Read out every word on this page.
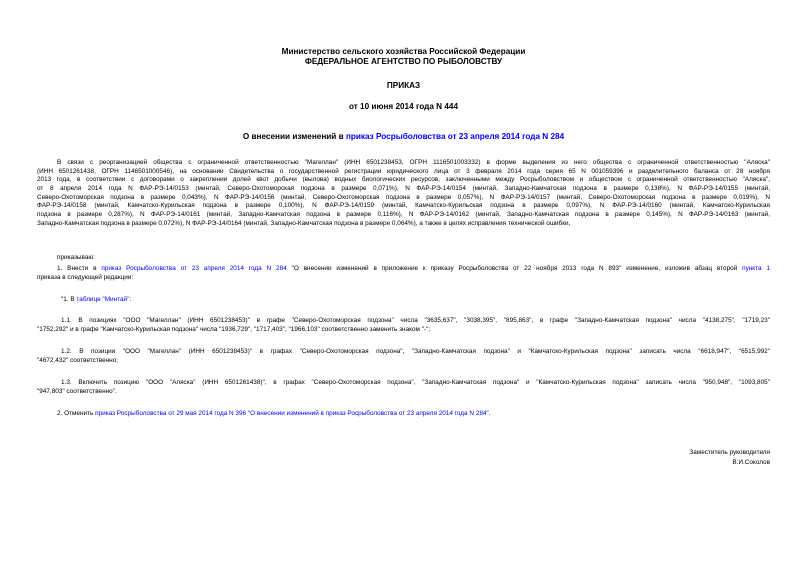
Министерство сельского хозяйства Российской Федерации
ФЕДЕРАЛЬНОЕ АГЕНТСТВО ПО РЫБОЛОВСТВУ
ПРИКАЗ
от 10 июня 2014 года N 444
О внесении изменений в приказ Росрыболовства от 23 апреля 2014 года N 284
В связи с реорганизацией общества с ограниченной ответственностью "Магеллан" (ИНН 6501238453, ОГРН 1116501003332) в форме выделения из него общества с ограниченной ответственностью "Аляска"
(ИНН 6501261438, ОГРН 1146501000546), на основании Свидетельства о государственной регистрации юридического лица от 3 февраля 2014 года серия 65 N 001059396 и разделительного баланса от 28 ноября
2013 года, в соответствии с договорами о закреплении долей квот добычи (вылова) водных биологических ресурсов, заключенными между Росрыболовством и обществом с ограниченной ответственностью "Аляска",
от 8 апреля 2014 года N ФАР-РЭ-14/0153 (минтай, Северо-Охотоморская подзона в размере 0,071%), N ФАР-РЭ-14/0154 (минтай, Западно-Камчатская подзона в размере 0,138%), N ФАР-РЭ-14/0155 (минтай,
Северо-Охотоморская подзона в размере 0,043%), N ФАР-РЭ-14/0156 (минтай, Северо-Охотоморская подзона в размере 0,057%), N ФАР-РЭ-14/0157 (минтай, Северо-Охотоморская подзона в размере 0,019%), N
ФАР-РЭ-14/0158 (минтай, Камчатско-Курильская подзона в размере 0,100%), N ФАР-РЭ-14/0159 (минтай, Камчатско-Курильская подзона в размере 0,097%), N ФАР-РЭ-14/0160 (минтай, Камчатско-Курильская
подзона в размере 0,287%), N ФАР-РЭ-14/0161 (минтай, Западно-Камчатская подзона в размере 0,116%), N ФАР-РЭ-14/0162 (минтай, Западно-Камчатская подзона в размере 0,145%), N ФАР-РЭ-14/0163 (минтай,
Западно-Камчатская подзона в размере 0,072%), N ФАР-РЭ-14/0164 (минтай, Западно-Камчатская подзона в размере 0,064%), а также в целях исправления технической ошибки,
приказываю:
1. Внести в приказ Росрыболовства от 23 апреля 2014 года N 284 "О внесении изменений в приложение к приказу Росрыболовства от 22 ноября 2013 года N 893" изменение, изложив абзац второй пункта 1
приказа в следующей редакции:
"1. В таблице "Минтай":
1.1. В позициях "ООО "Магеллан" (ИНН 6501238453)" в графе "Северо-Охотоморская подзона" числа "3635,637", "3038,395", "895,863", в графе "Западно-Камчатская подзона" числа "4138,275", "1719,23"
"1752,292" и в графе "Камчатско-Курильская подзона" числа "1936,729", "1717,403", "1966,103" соответственно заменить знаком "-";
1.2. В позиции "ООО "Магеллан" (ИНН 6501238453)" в графах "Северо-Охотоморская подзона", "Западно-Камчатская подзона" и "Камчатско-Курильская подзона" записать числа "6618,947", "6515,992"
"4672,432" соответственно;
1.3. Включить позицию "ООО "Аляска" (ИНН 6501261438)", в графах "Северо-Охотоморская подзона", "Западно-Камчатская подзона" и "Камчатско-Курильская подзона" записать числа "950,948", "1093,805"
"947,803" соответственно".
2. Отменить приказ Росрыболовства от 29 мая 2014 года N 396 "О внесении изменений в приказ Росрыболовства от 23 апреля 2014 года N 284".
Заместитель руководителя
В.И.Соколов
